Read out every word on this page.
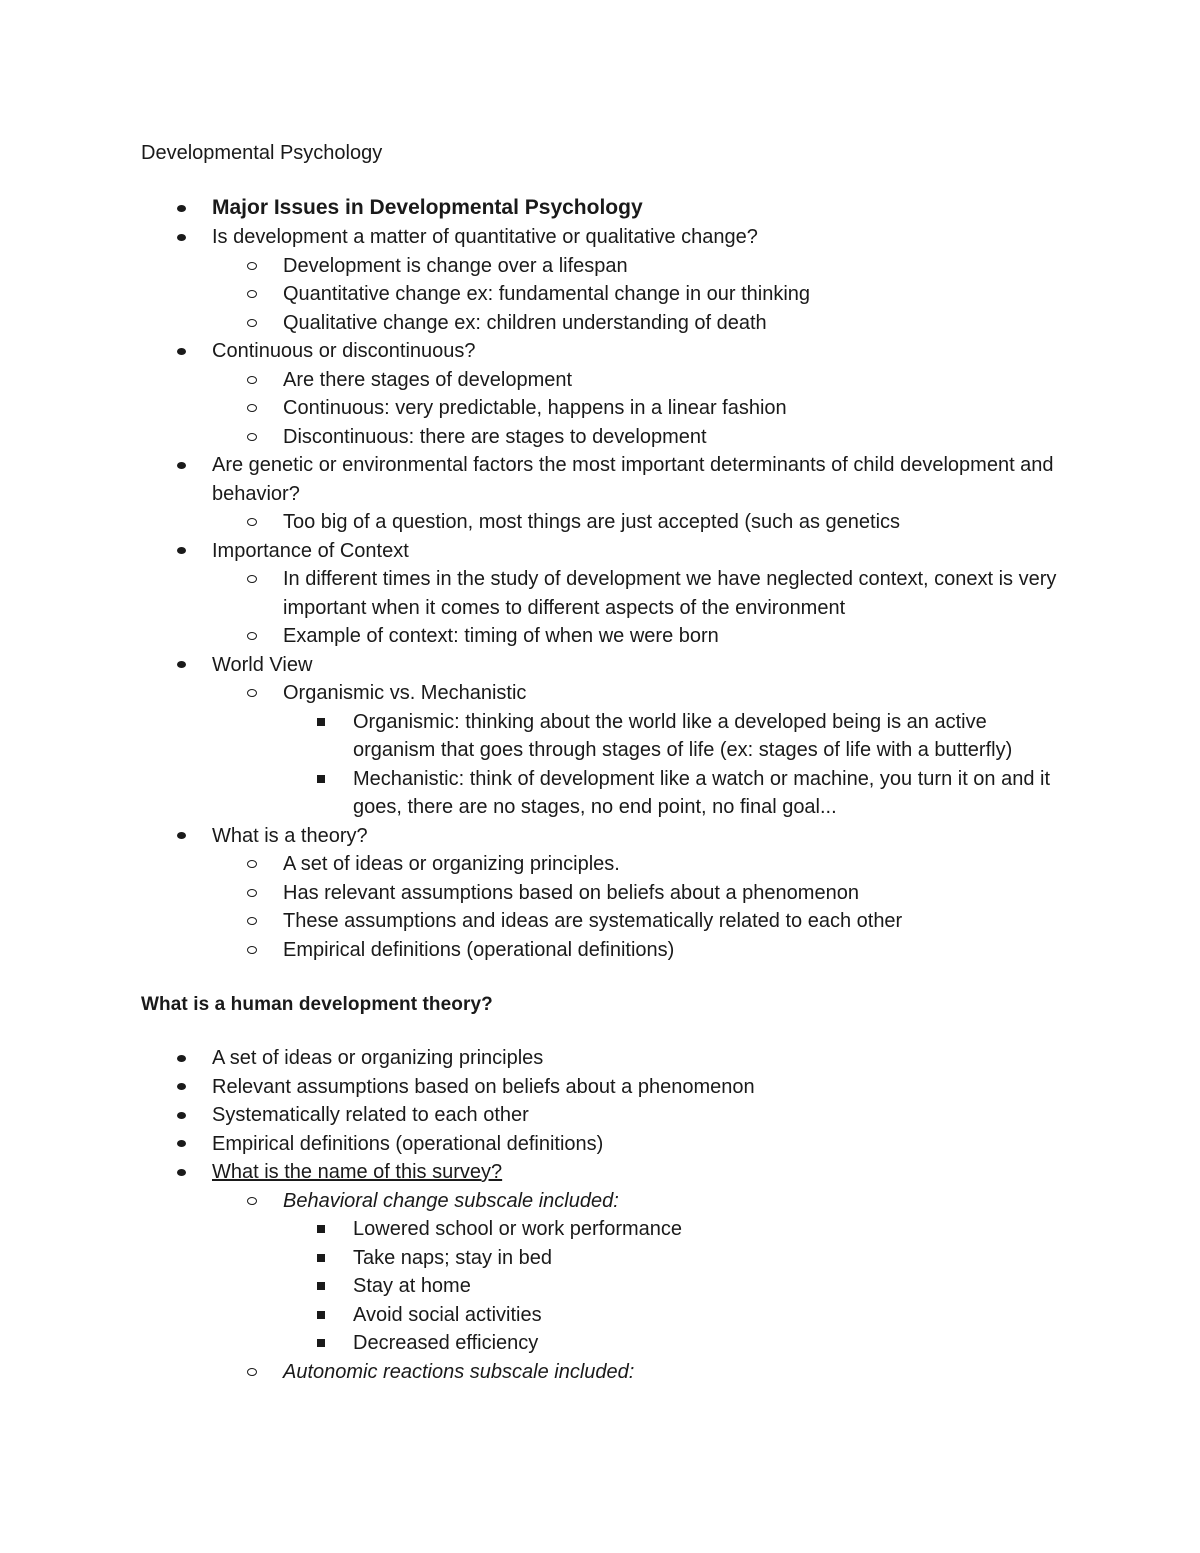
Developmental Psychology
Major Issues in Developmental Psychology
Is development a matter of quantitative or qualitative change?
Development is change over a lifespan
Quantitative change ex: fundamental change in our thinking
Qualitative change ex: children understanding of death
Continuous or discontinuous?
Are there stages of development
Continuous: very predictable, happens in a linear fashion
Discontinuous: there are stages to development
Are genetic or environmental factors the most important determinants of child development and behavior?
Too big of a question, most things are just accepted (such as genetics
Importance of Context
In different times in the study of development we have neglected context, conext is very important when it comes to different aspects of the environment
Example of context: timing of when we were born
World View
Organismic vs. Mechanistic
Organismic: thinking about the world like a developed being is an active organism that goes through stages of life (ex: stages of life with a butterfly)
Mechanistic: think of development like a watch or machine, you turn it on and it goes, there are no stages, no end point, no final goal...
What is a theory?
A set of ideas or organizing principles.
Has relevant assumptions based on beliefs about a phenomenon
These assumptions and ideas are systematically related to each other
Empirical definitions (operational definitions)
What is a human development theory?
A set of ideas or organizing principles
Relevant assumptions based on beliefs about a phenomenon
Systematically related to each other
Empirical definitions (operational definitions)
What is the name of this survey?
Behavioral change subscale included:
Lowered school or work performance
Take naps; stay in bed
Stay at home
Avoid social activities
Decreased efficiency
Autonomic reactions subscale included:
